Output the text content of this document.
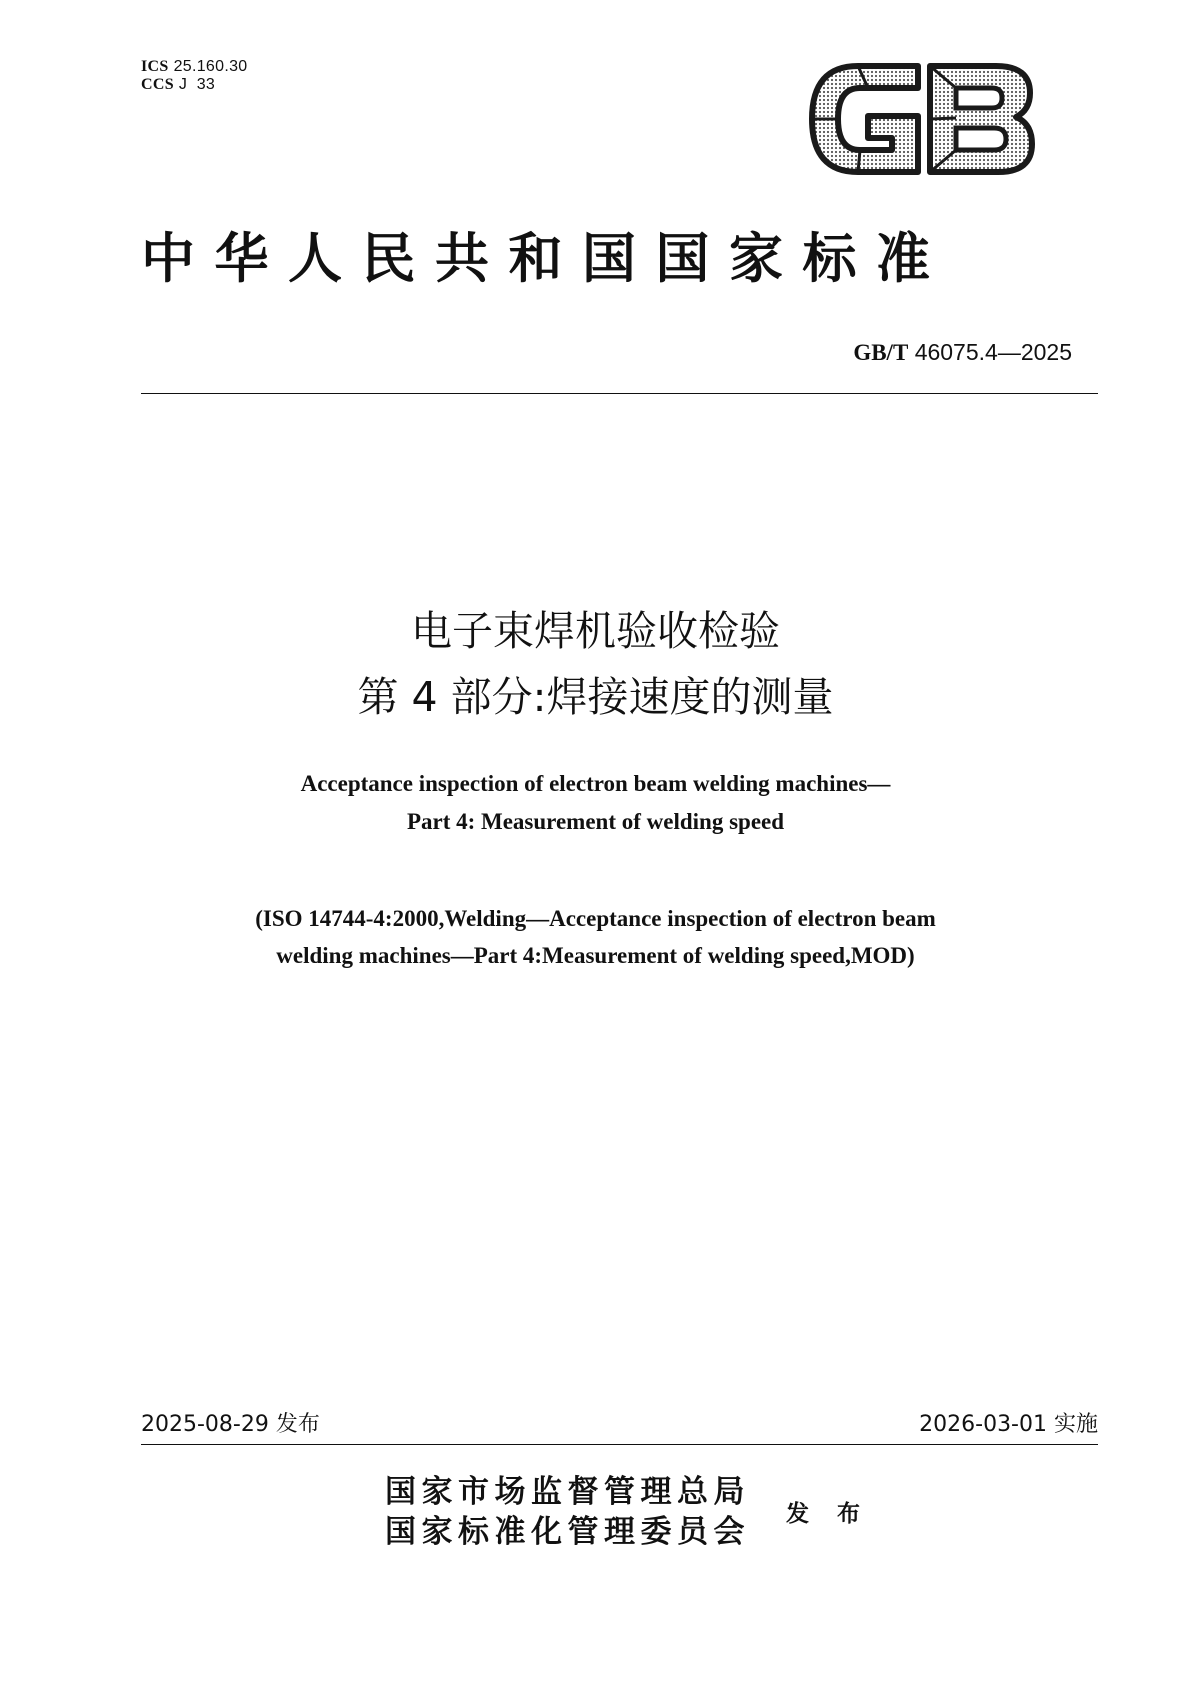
ICS 25.160.30
CCS J  33
中华人民共和国国家标准
GB/T 46075.4—2025
电子束焊机验收检验
第 4 部分:焊接速度的测量
Acceptance inspection of electron beam welding machines—
Part 4: Measurement of welding speed
(ISO 14744-4:2000,Welding—Acceptance inspection of electron beam
welding machines—Part 4:Measurement of welding speed,MOD)
2025-08-29 发布	2026-03-01 实施
国家市场监督管理总局
国家标准化管理委员会
发 布
